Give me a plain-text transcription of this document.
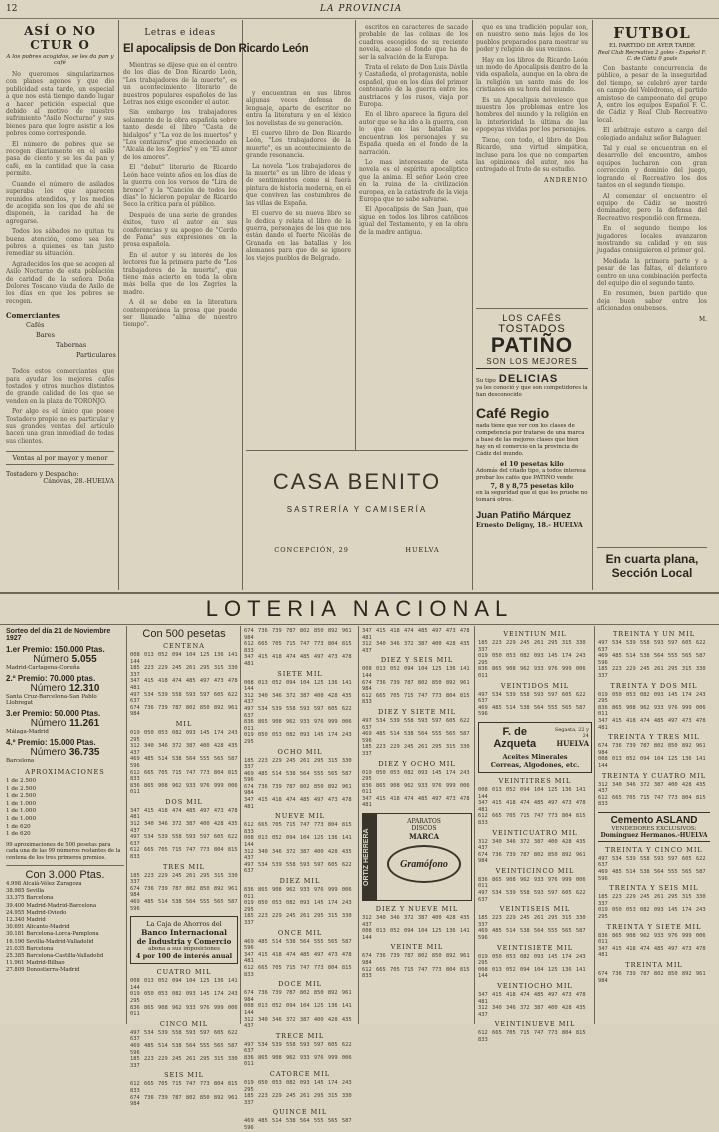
12	LA PROVINCIA
ASÍ O NO CTUR O
A los pobres acogidos, se les da pan y café

No queremos singularizarnos con planes agenos y que dio publicidad esta tarde, un especial a que nos está tiempo dando lugar a hacer petición especial que debido al motivo de nuestro sufrimiento "Asilo Nocturno" y sus bienes para que logre asistir a los pobres como corresponde.

El número de pobres que se recogen diariamente en el asilo pasa de ciento y se les da pan y café, en la cantidad que la casa permite.

Cuando el número de asilados superaba los que aparecen reunidos atendidos, y los medios de acogida son los que de ahí se disponen, la caridad ha de agregarse.

Todos los sábados no quitan tu buena atención, como sea los pobres a quienes es tan justo remediar su situación.

Agradecidos los que se acogen al Asilo Nocturno de esta población de caridad de la señora Doña Dolores Toscano viuda de Asilo de los días en que los pobres se recogen.

Comerciantes
Cafés
Bares
Tabernas
Particulares

Todos estos comerciantes que para ayudar los mejores cafés tostados y otros muchos distintos de grande calidad de los que se venden en la plaza de TORONJO.

Por algo es el único que posee Tostadero propio no es particular y sus grandes ventas del artículo hacen una gran inmediad de todas sus clientes.

Ventas al por mayor y menor
Tostadero y Despacho:
Cánovas, 28.-HUELVA
Letras e ideas
El apocalipsis de Don Ricardo León

Mientras se dijese que en el centro de los días de Don Ricardo León, "Los trabajadores de la muerte", es un acontecimiento literario de nuestros populares españoles de las Letras nos exige esconder el autor.

Sin embargo los trabajadores solamente de la obra española sobre tanto desde el libro "Casta de hidalgos" y "La voz de los muertos" y "Los centauros" que emocionado en "Alcalá de los Zegríes" y en "El amor de los amores".

El "debut" literario de Ricardo León hace veinte años en los días de la guerra con los versos de "Lira de bronce" y la "Canción de todos los días" lo hicieron popular de Ricardo Seco la crítica para el público.

Después de una serie de grandes éxitos, tuvo el autor en sus conferencias y su apogeo de "Cerdo de Fama" sus expresiones en la prosa española.

En el autor y su interés de los lectores fue la primera parte de "Los trabajadores de la muerte", que tiene más acierto en toda la obra más bella que de los Zegríes la madre.

A él se debe en la literatura contemporánea la prosa que puede ser llamado "alma de nuestro tiempo".

y encuentran en sus libros algunas veces defensa de lenguaje, aparte de escritor no entra la literatura y en el léxico los novelistas de su generación.

El cuervo libro de Don Ricardo León, "Los trabajadores de la muerte", es un acontecimiento de grande resonancia.

La novela "Los trabajadores de la muerte" es un libro de ideas y de sentimientos como si fuera pintura de historia moderna, en el que conviven las costumbres de las villas de España.

El cuervo de su nueva libro se lo dedica y relata el libro de la guerra, personajes de los que nos están dando el fuerte Nicolás de Granada en las batallas y los alemanes para que de se ignore los viejos pueblos de Belgrado.

escritos en caracteres de sacado probable de las colinas de los cuadros escogidos de su reciente novela, acaso el fondo que ha de ser la salvación de la Europa.

Trata el relato de Don Luis Dávila y Castañeda, el protagonista, noble español, que en los días del primer centenario de la guerra entre los austriacos y los rusos, viaja por Europa.

En el libro aparece la figura del autor que se ha ido a la guerra, con lo que en las batallas se encuentran los personajes y su España queda en el fondo de la narración.

Lo mas interesante de esta novela es el espíritu apocalíptico que la anima. El señor León cree en la ruina de la civilización europea, en la catástrofe de la vieja Europa que no sabe salvarse.

El Apocalipsis de San Juan, que sigue en todos los libros católicos igual del Testamento, y en la obra de la madre antigua.

que es una tradición popular son, en nuestro seno más lejos de los pueblos preparados para mostrar su poder y religión de sus vecinos.

Hay en los libros de Ricardo León un modo de Apocalipsis dentro de la vida española, aunque en la obra de la religión un santo más de los cristianos en su hora del mundo.

Es un Apocalipsis novelesco que muestra los problemas entre los hombres del mundo y la religión en la interioridad la última de las epopeyas vividas por los personajes.

Tiene, con todo, el libro de Don Ricardo, una virtud simpática, incluso para los que no comparten las opiniones del autor, nos ha entregado el fruto de su estudio.

ANDRENIO
FUTBOL
EL PARTIDO DE AYER TARDE
Real Club Recreativo 2 goles - Español F. C. de Cádiz 0 goals

Con bastante concurrencia de público, a pesar de la inseguridad del tiempo, se celebró ayer tarde en campo del Velódromo, el partido amistoso de campeonato del grupo A, entre los equipos Español F. C. de Cádiz y Real Club Recreativo local.

El arbitraje estuvo a cargo del colegiado andaluz señor Balaguer.

Tal y cual se encuentran en el desarrollo del encuentro, ambos equipos lucharon con gran corrección y dominio del juego, logrando el Recreativo los dos tantos en el segundo tiempo.

Al comenzar el encuentro el equipo de Cádiz se mostró dominador, pero la defensa del Recreativo respondió con firmeza.

En el segundo tiempo los jugadores locales avanzaron mostrando su calidad y en sus jugadas consiguieron el primer gol.

Mediada la primera parte y a pesar de las faltas, el delantero centro en una combinación perfecta del equipo dio el segundo tanto.

En resumen, buen partido que deja buen sabor entre los aficionados onubenses.

M.
En cuarta plana, Sección Local
CASA BENITO
SASTRERÍA Y CAMISERÍA
CONCEPCIÓN, 29	HUELVA
LOS CAFÉS
TOSTADOS
PATIÑO
SON LOS MEJORES
Su tipo DELICIAS
ya les conoció y que son competidores la han desconocido
Café Regio
nada tiene que ver con los clases de competencia por tratarse de una marca a base de las mejores clases que bien hay en el comercio en la provincia de Cádiz del mundo.
el 10 pesetas kilo
Adomás del citado tipo, a todos interesa probar los cafés que PATIÑO vende
7, 8 y 8,75 pesetas kilo
en la seguridad que el que los pruebe no tomará otros.
Juan Patiño Márquez
Ernesto Deligny, 18.- HUELVA
LOTERIA NACIONAL
Sorteo del día 21 de Noviembre 1927
1.er Premio: 150.000 Ptas.
Número 5.055
Madrid-Cartagena-Coruña
2.º Premio: 70.000 ptas.
Número 12.310
Santa Cruz-Barcelona-San Pablo Llobregat
3.er Premio: 50.000 Ptas.
Número 11.261
Málaga-Madrid
4.º Premio: 15.000 Ptas.
Número 36.735
Barcelona
APROXIMACIONES
1 de 2.500
1 de 2.500
1 de 2.500
1 de 1.000
1 de 1.000
1 de 1.000
1 de 620
1 de 620
99 aproximaciones de 500 pesetas para cada una de las 99 números restantes de la centena de los tres primeros premios.
Con 3.000 Ptas.
4.998 Alcalá-Vélez Zaragoza
38.985 Sevilla
33.375 Barcelona
39.400 Madrid-Madrid-Barcelona
24.955 Madrid-Oviedo
12.340 Madrid
30.691 Alicante-Madrid
30.181 Barcelona-Lorca-Pamplona
16.190 Sevilla-Madrid-Valladolid
21.035 Barcelona
25.385 Barcelona-Castilla-Valladolid
11.961 Madrid-Bilbao
27.809 Donostierra-Madrid
Con 500 pesetas
CENTENA
008 013 052 094 104 125 136 141 144
185 223 229 245 261 295 315 330 337
347 415 418 474 485 497 473 478 481
497 534 539 558 593 597 605 622 637
674 736 739 787 802 850 892 961 984
MIL
019 050 053 082 093 145 174 243 295
312 340 346 372 387 400 428 435 437
469 485 514 538 564 555 565 587 596
612 665 705 715 747 773 804 815 833
836 865 908 962 933 976 999 006 011
DOS MIL
347 415 418 474 485 497 473 478 481
312 340 346 372 387 400 428 435 437
497 534 539 558 593 597 605 622 637
612 665 705 715 747 773 804 815 833
TRES MIL
185 223 229 245 261 295 315 330 337
674 736 739 787 802 850 892 961 984
469 485 514 538 564 555 565 587 596
La Caja de Ahorros del
Banco Internacional
de Industria y Comercio
abona a sus imposiciones
4 por 100 de interés anual
CUATRO MIL
008 013 052 094 104 125 136 141 144
019 050 053 082 093 145 174 243 295
836 865 908 962 933 976 999 006 011
CINCO MIL
497 534 539 558 593 597 605 622 637
469 485 514 538 564 555 565 587 596
185 223 229 245 261 295 315 330 337
SEIS MIL
612 665 705 715 747 773 804 815 833
674 736 739 787 802 850 892 961 984
674 736 739 787 802 850 892 961 984
612 665 705 715 747 773 804 815 833
347 415 418 474 485 497 473 478 481
SIETE MIL
008 013 052 094 104 125 136 141 144
312 340 346 372 387 400 428 435 437
497 534 539 558 593 597 605 622 637
836 865 908 962 933 976 999 006 011
019 050 053 082 093 145 174 243 295
OCHO MIL
185 223 229 245 261 295 315 330 337
469 485 514 538 564 555 565 587 596
674 736 739 787 802 850 892 961 984
347 415 418 474 485 497 473 478 481
NUEVE MIL
612 665 705 715 747 773 804 815 833
008 013 052 094 104 125 136 141 144
312 340 346 372 387 400 428 435 437
497 534 539 558 593 597 605 622 637
DIEZ MIL
836 865 908 962 933 976 999 006 011
019 050 053 082 093 145 174 243 295
185 223 229 245 261 295 315 330 337
ONCE MIL
469 485 514 538 564 555 565 587 596
347 415 418 474 485 497 473 478 481
612 665 705 715 747 773 804 815 833
DOCE MIL
674 736 739 787 802 850 892 961 984
008 013 052 094 104 125 136 141 144
312 340 346 372 387 400 428 435 437
TRECE MIL
497 534 539 558 593 597 605 622 637
836 865 908 962 933 976 999 006 011
CATORCE MIL
019 050 053 082 093 145 174 243 295
185 223 229 245 261 295 315 330 337
QUINCE MIL
469 485 514 538 564 555 565 587 596
347 415 418 474 485 497 473 478 481
312 340 346 372 387 400 428 435 437
DIEZ Y SEIS MIL
008 013 052 094 104 125 136 141 144
674 736 739 787 802 850 892 961 984
612 665 705 715 747 773 804 815 833
DIEZ Y SIETE MIL
497 534 539 558 593 597 605 622 637
469 485 514 538 564 555 565 587 596
185 223 229 245 261 295 315 330 337
DIEZ Y OCHO MIL
019 050 053 082 093 145 174 243 295
836 865 908 962 933 976 999 006 011
347 415 418 474 485 497 473 478 481
ORTIZ HERRERA
APARATOS
DISCOS
MARCA
Gramófono
DIEZ Y NUEVE MIL
312 340 346 372 387 400 428 435 437
008 013 052 094 104 125 136 141 144
VEINTE MIL
674 736 739 787 802 850 892 961 984
612 665 705 715 747 773 804 815 833
VEINTIUN MIL
185 223 229 245 261 295 315 330 337
019 050 053 082 093 145 174 243 295
836 865 908 962 933 976 999 006 011
VEINTIDOS MIL
497 534 539 558 593 597 605 622 637
469 485 514 538 564 555 565 587 596
F. de Azqueta
Segasta, 22 y 24
HUELVA
Aceites Minerales
Correas, Algodones, etc.
VEINTITRES MIL
008 013 052 094 104 125 136 141 144
347 415 418 474 485 497 473 478 481
612 665 705 715 747 773 804 815 833
VEINTICUATRO MIL
312 340 346 372 387 400 428 435 437
674 736 739 787 802 850 892 961 984
VEINTICINCO MIL
836 865 908 962 933 976 999 006 011
497 534 539 558 593 597 605 622 637
VEINTISEIS MIL
185 223 229 245 261 295 315 330 337
469 485 514 538 564 555 565 587 596
VEINTISIETE MIL
019 050 053 082 093 145 174 243 295
008 013 052 094 104 125 136 141 144
VEINTIOCHO MIL
347 415 418 474 485 497 473 478 481
312 340 346 372 387 400 428 435 437
VEINTINUEVE MIL
612 665 705 715 747 773 804 815 833
TREINTA Y UN MIL
497 534 539 558 593 597 605 622 637
469 485 514 538 564 555 565 587 596
185 223 229 245 261 295 315 330 337
TREINTA Y DOS MIL
019 050 053 082 093 145 174 243 295
836 865 908 962 933 976 999 006 011
347 415 418 474 485 497 473 478 481
TREINTA Y TRES MIL
674 736 739 787 802 850 892 961 984
008 013 052 094 104 125 136 141 144
TREINTA Y CUATRO MIL
312 340 346 372 387 400 428 435 437
612 665 705 715 747 773 804 815 833
Cemento ASLAND
VENDEDORES EXCLUSIVOS:
Domínguez Hermanos.-HUELVA
TREINTA Y CINCO MIL
497 534 539 558 593 597 605 622 637
469 485 514 538 564 555 565 587 596
TREINTA Y SEIS MIL
185 223 229 245 261 295 315 330 337
019 050 053 082 093 145 174 243 295
TREINTA Y SIETE MIL
836 865 908 962 933 976 999 006 011
347 415 418 474 485 497 473 478 481
TREINTA MIL
674 736 739 787 802 850 892 961 984
